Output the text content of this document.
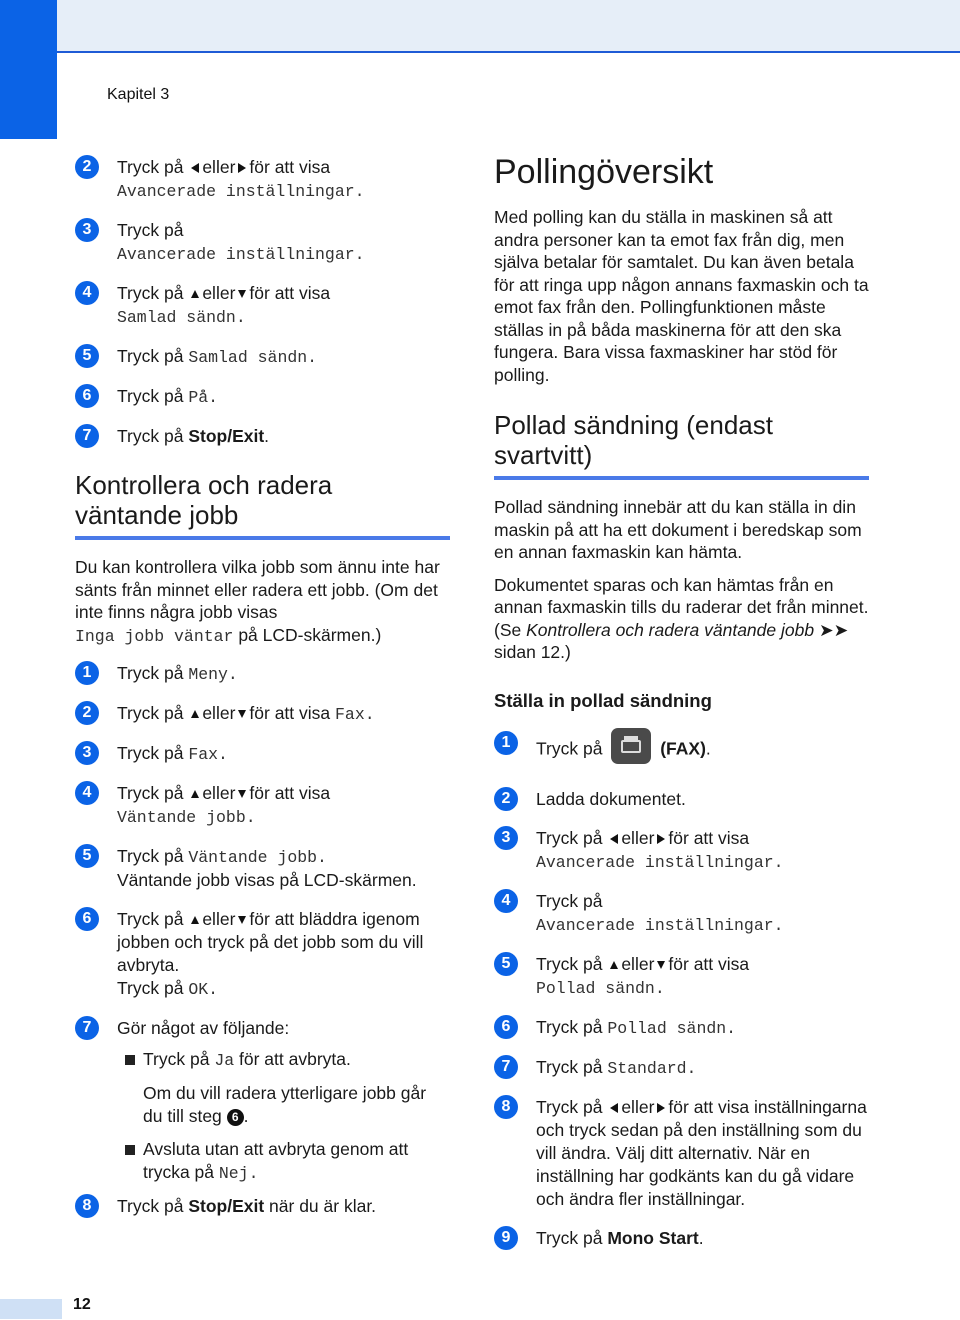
Kapitel 3
2	Tryck på eller för att visa
Avancerade inställningar.
3	Tryck på
Avancerade inställningar.
4	Tryck på eller för att visa
Samlad sändn.
5	Tryck på Samlad sändn.
6	Tryck på På.
7	Tryck på Stop/Exit.
Kontrollera och radera
väntande jobb

Du kan kontrollera vilka jobb som ännu inte har sänts från minnet eller radera ett jobb. (Om det inte finns några jobb visas
Inga jobb väntar på LCD-skärmen.)

1	Tryck på Meny.
2	Tryck på eller för att visa Fax.
3	Tryck på Fax.
4	Tryck på eller för att visa
Väntande jobb.
5	Tryck på Väntande jobb.
Väntande jobb visas på LCD-skärmen.
6	Tryck på eller för att bläddra igenom jobben och tryck på det jobb som du vill avbryta.
Tryck på OK.
7	Gör något av följande:
Tryck på Ja för att avbryta.
Om du vill radera ytterligare jobb går du till steg 6 .
Avsluta utan att avbryta genom att trycka på Nej.
8	Tryck på Stop/Exit när du är klar.
Pollingöversikt

Med polling kan du ställa in maskinen så att andra personer kan ta emot fax från dig, men själva betalar för samtalet. Du kan även betala för att ringa upp någon annans faxmaskin och ta emot fax från den. Pollingfunktionen måste ställas in på båda maskinerna för att den ska fungera. Bara vissa faxmaskiner har stöd för polling.

Pollad sändning (endast
svartvitt)

Pollad sändning innebär att du kan ställa in din maskin på att ha ett dokument i beredskap som en annan faxmaskin kan hämta.

Dokumentet sparas och kan hämtas från en annan faxmaskin tills du raderar det från minnet. (Se Kontrollera och radera väntande jobb ➤➤ sidan 12.)

Ställa in pollad sändning
1	Tryck på	(FAX).
2	Ladda dokumentet.
3	Tryck på eller för att visa
Avancerade inställningar.
4	Tryck på
Avancerade inställningar.
5	Tryck på eller för att visa
Pollad sändn.
6	Tryck på Pollad sändn.
7	Tryck på Standard.
8	Tryck på eller för att visa inställningarna och tryck sedan på den inställning som du vill ändra. Välj ditt alternativ. När en inställning har godkänts kan du gå vidare och ändra fler inställningar.
9	Tryck på Mono Start.
12
